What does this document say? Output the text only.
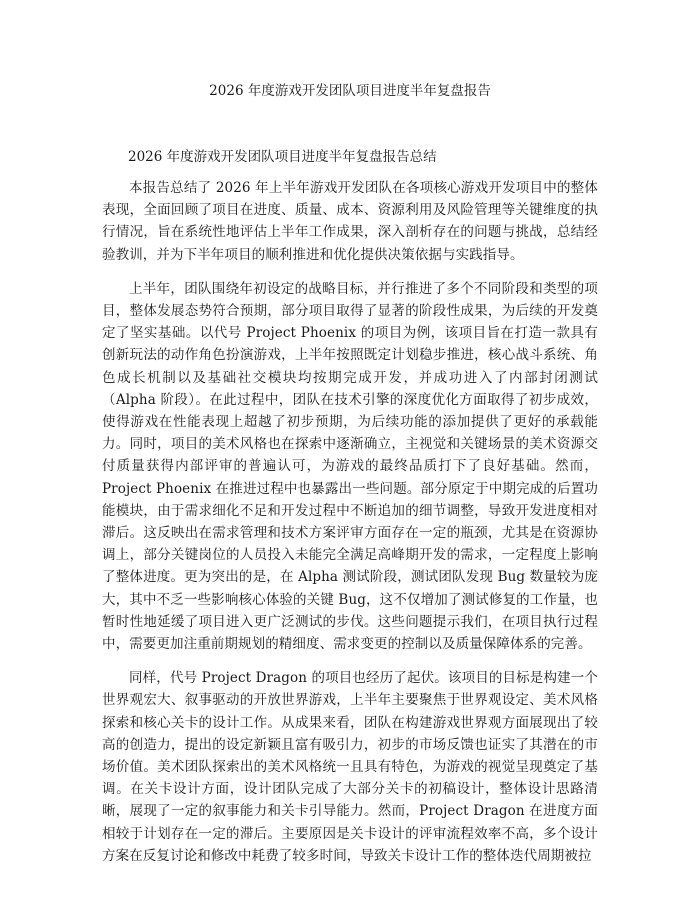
2026 年度游戏开发团队项目进度半年复盘报告
2026 年度游戏开发团队项目进度半年复盘报告总结

本报告总结了 2026 年上半年游戏开发团队在各项核心游戏开发项目中的整体表现，全面回顾了项目在进度、质量、成本、资源利用及风险管理等关键维度的执行情况，旨在系统性地评估上半年工作成果，深入剖析存在的问题与挑战，总结经验教训，并为下半年项目的顺利推进和优化提供决策依据与实践指导。

上半年，团队围绕年初设定的战略目标，并行推进了多个不同阶段和类型的项目，整体发展态势符合预期，部分项目取得了显著的阶段性成果，为后续的开发奠定了坚实基础。以代号 Project Phoenix 的项目为例，该项目旨在打造一款具有创新玩法的动作角色扮演游戏，上半年按照既定计划稳步推进，核心战斗系统、角色成长机制以及基础社交模块均按期完成开发，并成功进入了内部封闭测试（Alpha 阶段）。在此过程中，团队在技术引擎的深度优化方面取得了初步成效，使得游戏在性能表现上超越了初步预期，为后续功能的添加提供了更好的承载能力。同时，项目的美术风格也在探索中逐渐确立，主视觉和关键场景的美术资源交付质量获得内部评审的普遍认可，为游戏的最终品质打下了良好基础。然而，Project Phoenix 在推进过程中也暴露出一些问题。部分原定于中期完成的后置功能模块，由于需求细化不足和开发过程中不断追加的细节调整，导致开发进度相对滞后。这反映出在需求管理和技术方案评审方面存在一定的瓶颈，尤其是在资源协调上，部分关键岗位的人员投入未能完全满足高峰期开发的需求，一定程度上影响了整体进度。更为突出的是，在 Alpha 测试阶段，测试团队发现 Bug 数量较为庞大，其中不乏一些影响核心体验的关键 Bug，这不仅增加了测试修复的工作量，也暂时性地延缓了项目进入更广泛测试的步伐。这些问题提示我们，在项目执行过程中，需要更加注重前期规划的精细度、需求变更的控制以及质量保障体系的完善。

同样，代号 Project Dragon 的项目也经历了起伏。该项目的目标是构建一个世界观宏大、叙事驱动的开放世界游戏，上半年主要聚焦于世界观设定、美术风格探索和核心关卡的设计工作。从成果来看，团队在构建游戏世界观方面展现出了较高的创造力，提出的设定新颖且富有吸引力，初步的市场反馈也证实了其潜在的市场价值。美术团队探索出的美术风格统一且具有特色，为游戏的视觉呈现奠定了基调。在关卡设计方面，设计团队完成了大部分关卡的初稿设计，整体设计思路清晰，展现了一定的叙事能力和关卡引导能力。然而，Project Dragon 在进度方面相较于计划存在一定的滞后。主要原因是关卡设计的评审流程效率不高，多个设计方案在反复讨论和修改中耗费了较多时间，导致关卡设计工作的整体迭代周期被拉
